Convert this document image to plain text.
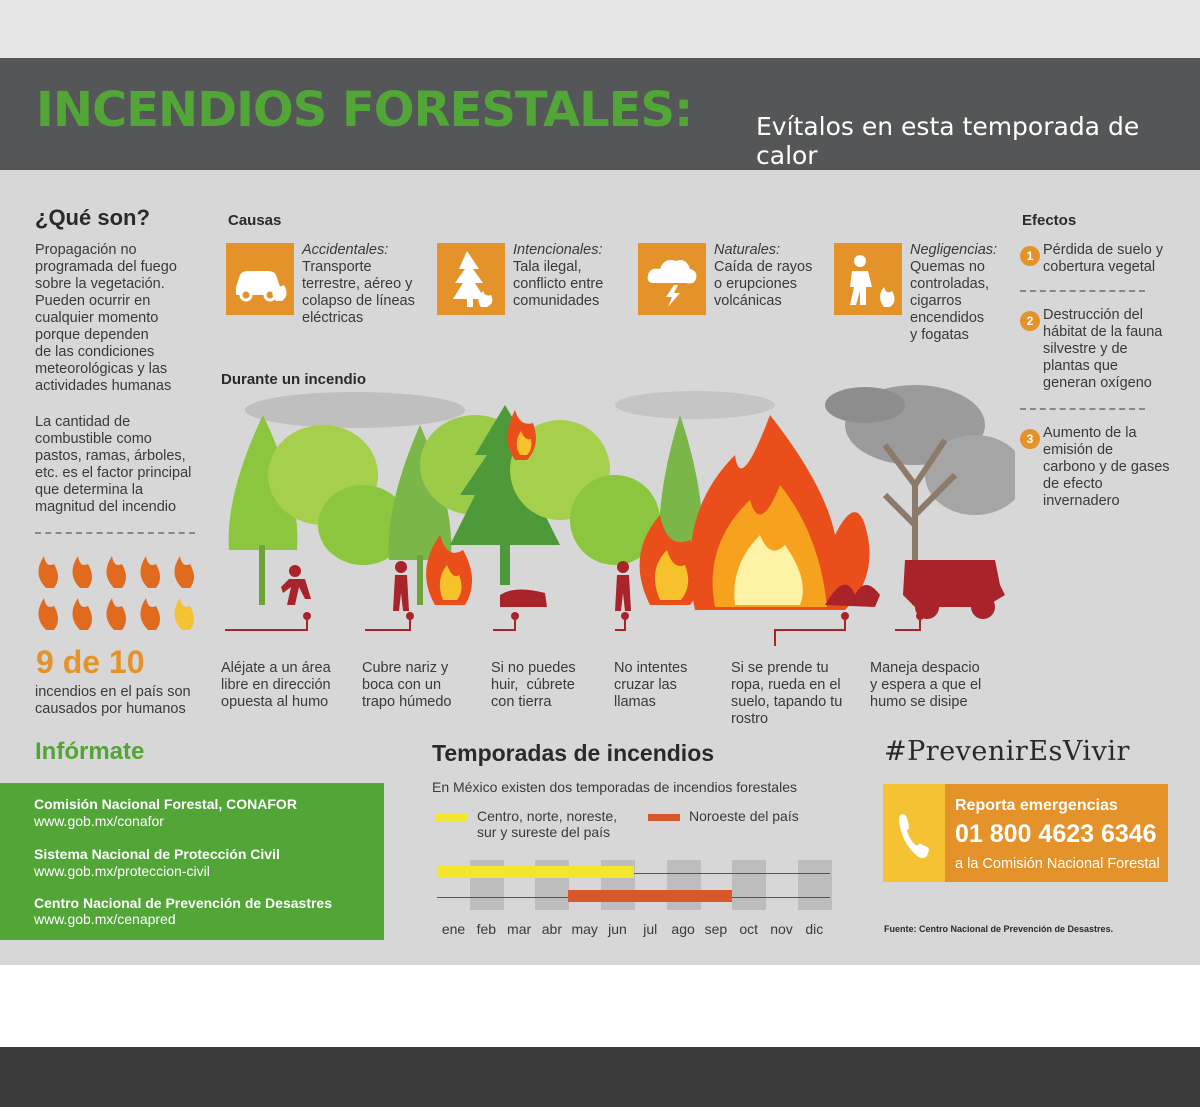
INCENDIOS FORESTALES:	Evítalos en esta temporada de calor
¿Qué son?
Propagación no
programada del fuego
sobre la vegetación.
Pueden ocurrir en
cualquier momento
porque dependen
de las condiciones
meteorológicas y las
actividades humanas
La cantidad de
combustible como
pastos, ramas, árboles,
etc. es el factor principal
que determina la
magnitud del incendio
9 de 10
incendios en el país son
causados por humanos
Causas
Accidentales:
Transporte
terrestre, aéreo y
colapso de líneas
eléctricas
Intencionales:
Tala ilegal,
conflicto entre
comunidades
Naturales:
Caída de rayos
o erupciones
volcánicas
Negligencias:
Quemas no
controladas,
cigarros
encendidos
y fogatas
Efectos
1 Pérdida de suelo y
cobertura vegetal
2 Destrucción del
hábitat de la fauna
silvestre y de
plantas que
generan oxígeno
3 Aumento de la
emisión de
carbono y de gases
de efecto
invernadero
Durante un incendio
Aléjate a un área
libre en dirección
opuesta al humo
Cubre nariz y
boca con un
trapo húmedo
Si no puedes
huir,  cúbrete
con tierra
No intentes
cruzar las
llamas
Si se prende tu
ropa, rueda en el
suelo, tapando tu
rostro
Maneja despacio
y espera a que el
humo se disipe
Infórmate
Comisión Nacional Forestal, CONAFOR
www.gob.mx/conafor
Sistema Nacional de Protección Civil
www.gob.mx/proteccion-civil
Centro Nacional de Prevención de Desastres
www.gob.mx/cenapred
Temporadas de incendios
En México existen dos temporadas de incendios forestales
Centro, norte, noreste,
sur y sureste del país
Noroeste del país
ene feb mar abr may jun	jul	ago sep oct nov dic
#PrevenirEsVivir
Reporta emergencias
01 800 4623 6346
a la Comisión Nacional Forestal
Fuente: Centro Nacional de Prevención de Desastres.
